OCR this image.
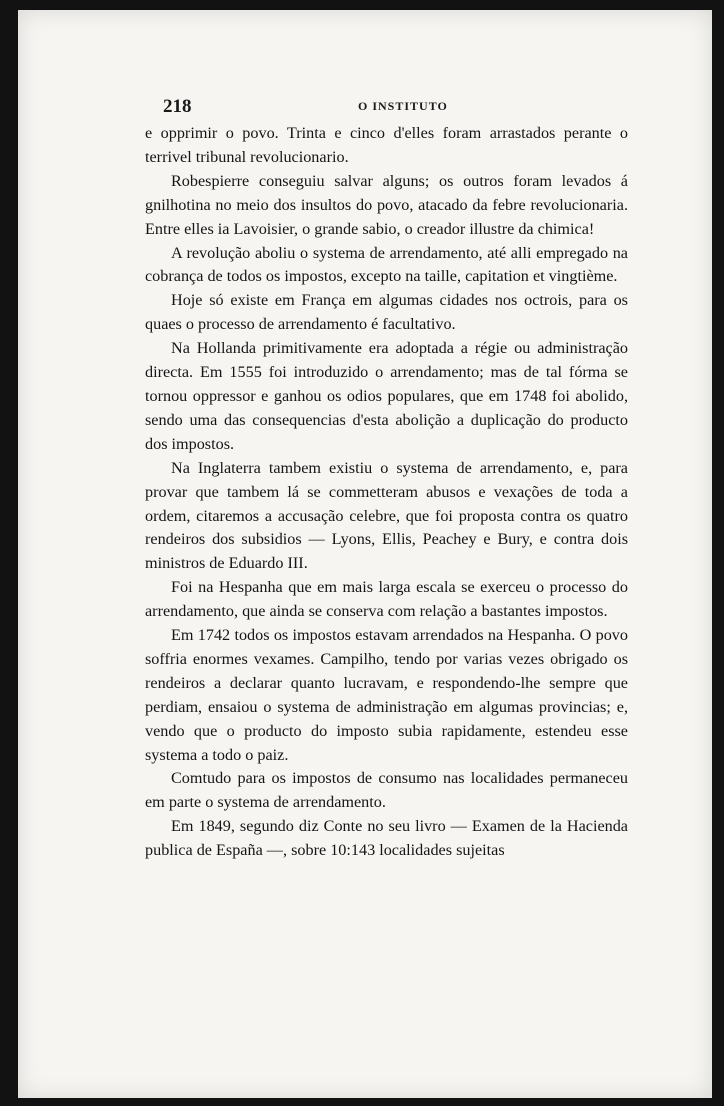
218	O INSTITUTO

e opprimir o povo. Trinta e cinco d'elles foram arrastados perante o terrivel tribunal revolucionario.

Robespierre conseguiu salvar alguns; os outros foram levados á gnilhotina no meio dos insultos do povo, atacado da febre revolucionaria. Entre elles ia Lavoisier, o grande sabio, o creador illustre da chimica!

A revolução aboliu o systema de arrendamento, até alli empregado na cobrança de todos os impostos, excepto na taille, capitation et vingtième.

Hoje só existe em França em algumas cidades nos octrois, para os quaes o processo de arrendamento é facultativo.

Na Hollanda primitivamente era adoptada a régie ou administração directa. Em 1555 foi introduzido o arrendamento; mas de tal fórma se tornou oppressor e ganhou os odios populares, que em 1748 foi abolido, sendo uma das consequencias d'esta abolição a duplicação do producto dos impostos.

Na Inglaterra tambem existiu o systema de arrendamento, e, para provar que tambem lá se commetteram abusos e vexações de toda a ordem, citaremos a accusação celebre, que foi proposta contra os quatro rendeiros dos subsidios — Lyons, Ellis, Peachey e Bury, e contra dois ministros de Eduardo III.

Foi na Hespanha que em mais larga escala se exerceu o processo do arrendamento, que ainda se conserva com relação a bastantes impostos.

Em 1742 todos os impostos estavam arrendados na Hespanha. O povo soffria enormes vexames. Campilho, tendo por varias vezes obrigado os rendeiros a declarar quanto lucravam, e respondendo-lhe sempre que perdiam, ensaiou o systema de administração em algumas provincias; e, vendo que o producto do imposto subia rapidamente, estendeu esse systema a todo o paiz.

Comtudo para os impostos de consumo nas localidades permaneceu em parte o systema de arrendamento.

Em 1849, segundo diz Conte no seu livro — Examen de la Hacienda publica de España —, sobre 10:143 localidades sujeitas
